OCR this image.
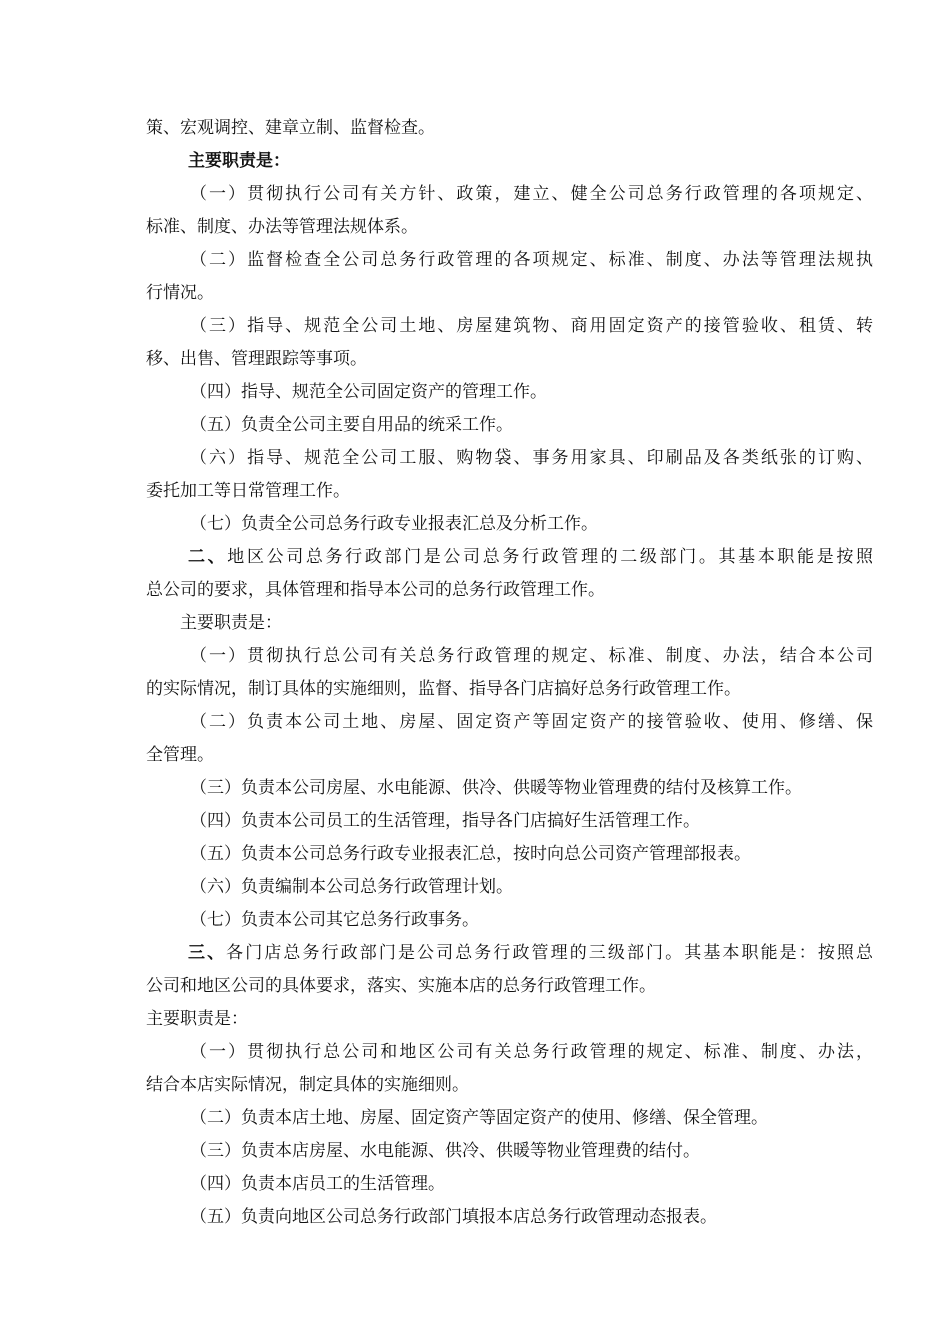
策、宏观调控、建章立制、监督检查。
主要职责是：
（一）贯彻执行公司有关方针、政策，建立、健全公司总务行政管理的各项规定、
标准、制度、办法等管理法规体系。
（二）监督检查全公司总务行政管理的各项规定、标准、制度、办法等管理法规执
行情况。
（三）指导、规范全公司土地、房屋建筑物、商用固定资产的接管验收、租赁、转
移、出售、管理跟踪等事项。
（四）指导、规范全公司固定资产的管理工作。
（五）负责全公司主要自用品的统采工作。
（六）指导、规范全公司工服、购物袋、事务用家具、印刷品及各类纸张的订购、
委托加工等日常管理工作。
（七）负责全公司总务行政专业报表汇总及分析工作。
二、地区公司总务行政部门是公司总务行政管理的二级部门。其基本职能是按照
总公司的要求，具体管理和指导本公司的总务行政管理工作。
主要职责是：
（一）贯彻执行总公司有关总务行政管理的规定、标准、制度、办法，结合本公司
的实际情况，制订具体的实施细则，监督、指导各门店搞好总务行政管理工作。
（二）负责本公司土地、房屋、固定资产等固定资产的接管验收、使用、修缮、保
全管理。
（三）负责本公司房屋、水电能源、供冷、供暖等物业管理费的结付及核算工作。
（四）负责本公司员工的生活管理，指导各门店搞好生活管理工作。
（五）负责本公司总务行政专业报表汇总，按时向总公司资产管理部报表。
（六）负责编制本公司总务行政管理计划。
（七）负责本公司其它总务行政事务。
三、各门店总务行政部门是公司总务行政管理的三级部门。其基本职能是：按照总
公司和地区公司的具体要求，落实、实施本店的总务行政管理工作。
主要职责是：
（一）贯彻执行总公司和地区公司有关总务行政管理的规定、标准、制度、办法，
结合本店实际情况，制定具体的实施细则。
（二）负责本店土地、房屋、固定资产等固定资产的使用、修缮、保全管理。
（三）负责本店房屋、水电能源、供冷、供暖等物业管理费的结付。
（四）负责本店员工的生活管理。
（五）负责向地区公司总务行政部门填报本店总务行政管理动态报表。
